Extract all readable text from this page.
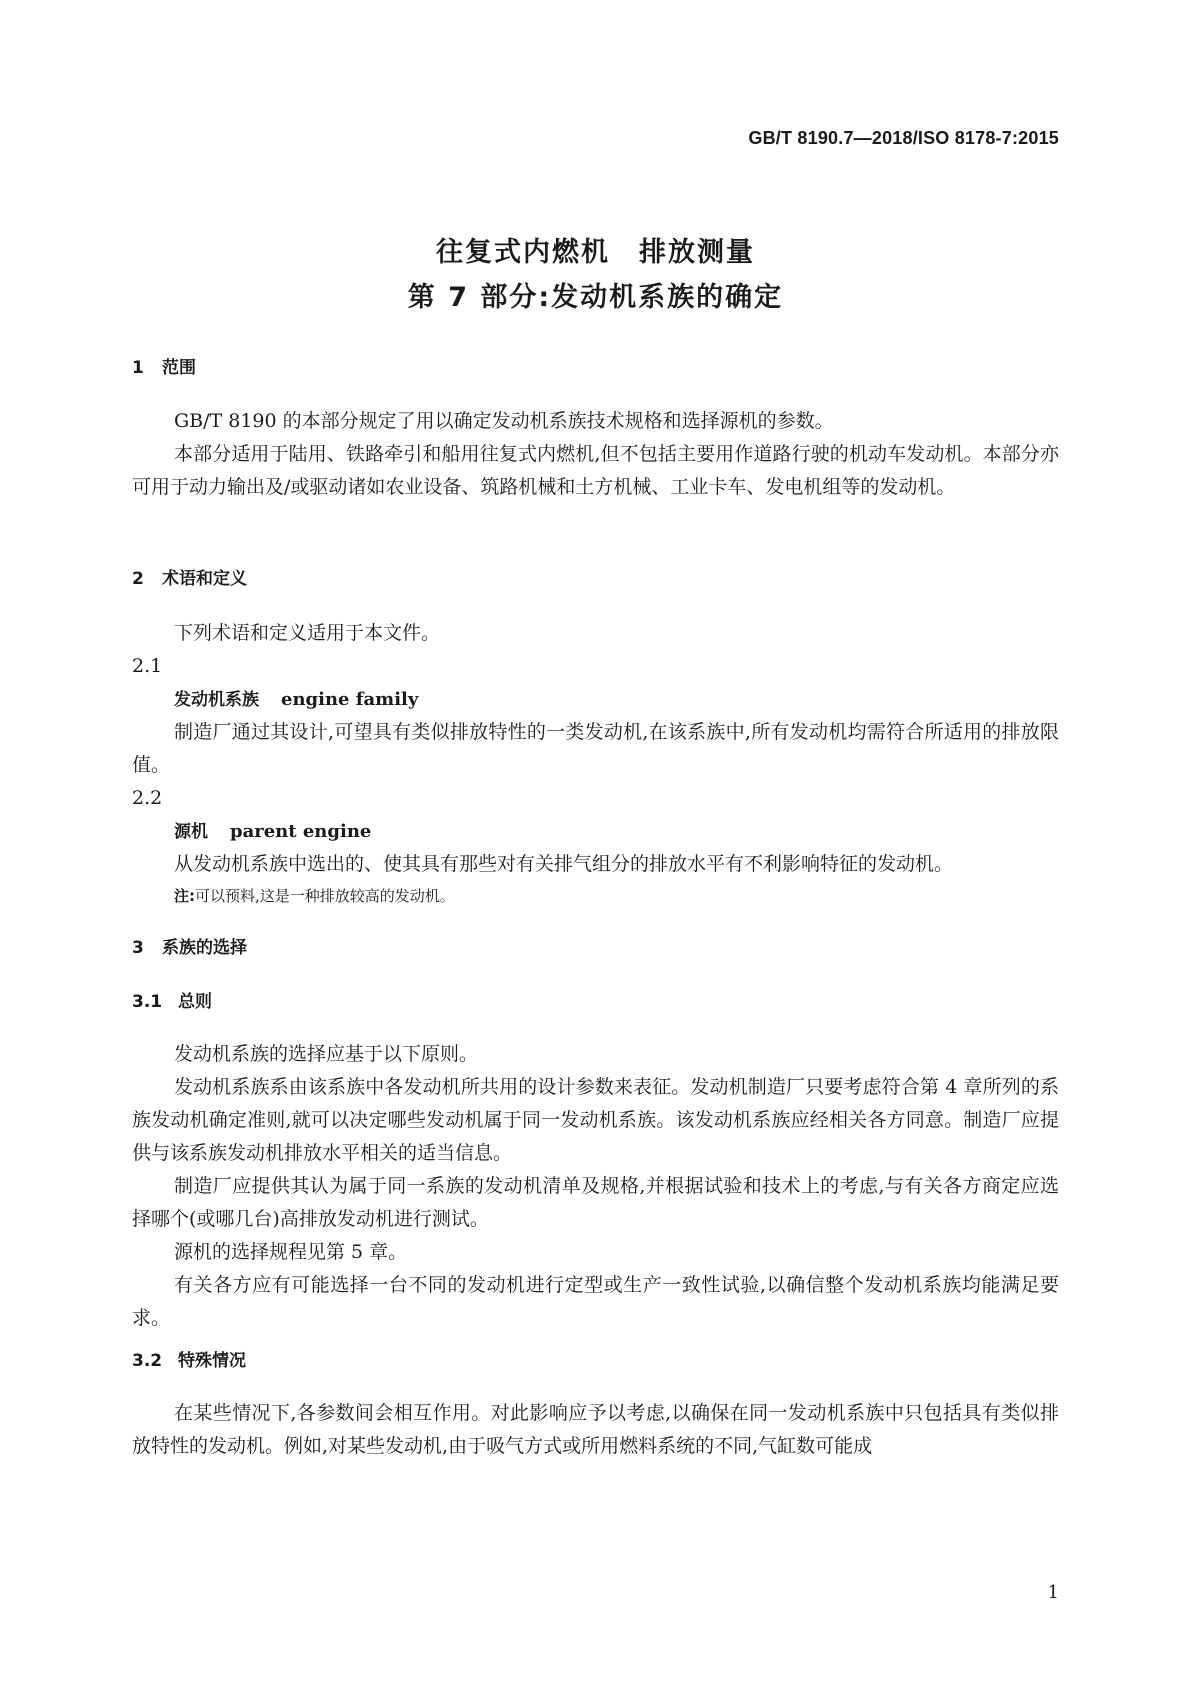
GB/T 8190.7—2018/ISO 8178-7:2015
往复式内燃机　排放测量
第 7 部分:发动机系族的确定
1 范围
GB/T 8190 的本部分规定了用以确定发动机系族技术规格和选择源机的参数。
本部分适用于陆用、铁路牵引和船用往复式内燃机,但不包括主要用作道路行驶的机动车发动机。本部分亦可用于动力输出及/或驱动诸如农业设备、筑路机械和土方机械、工业卡车、发电机组等的发动机。
2 术语和定义
下列术语和定义适用于本文件。
2.1
发动机系族 engine family
制造厂通过其设计,可望具有类似排放特性的一类发动机,在该系族中,所有发动机均需符合所适用的排放限值。
2.2
源机 parent engine
从发动机系族中选出的、使其具有那些对有关排气组分的排放水平有不利影响特征的发动机。
注:可以预料,这是一种排放较高的发动机。
3 系族的选择
3.1 总则
发动机系族的选择应基于以下原则。
发动机系族系由该系族中各发动机所共用的设计参数来表征。发动机制造厂只要考虑符合第 4 章所列的系族发动机确定准则,就可以决定哪些发动机属于同一发动机系族。该发动机系族应经相关各方同意。制造厂应提供与该系族发动机排放水平相关的适当信息。
制造厂应提供其认为属于同一系族的发动机清单及规格,并根据试验和技术上的考虑,与有关各方商定应选择哪个(或哪几台)高排放发动机进行测试。
源机的选择规程见第 5 章。
有关各方应有可能选择一台不同的发动机进行定型或生产一致性试验,以确信整个发动机系族均能满足要求。
3.2 特殊情况
在某些情况下,各参数间会相互作用。对此影响应予以考虑,以确保在同一发动机系族中只包括具有类似排放特性的发动机。例如,对某些发动机,由于吸气方式或所用燃料系统的不同,气缸数可能成
1
